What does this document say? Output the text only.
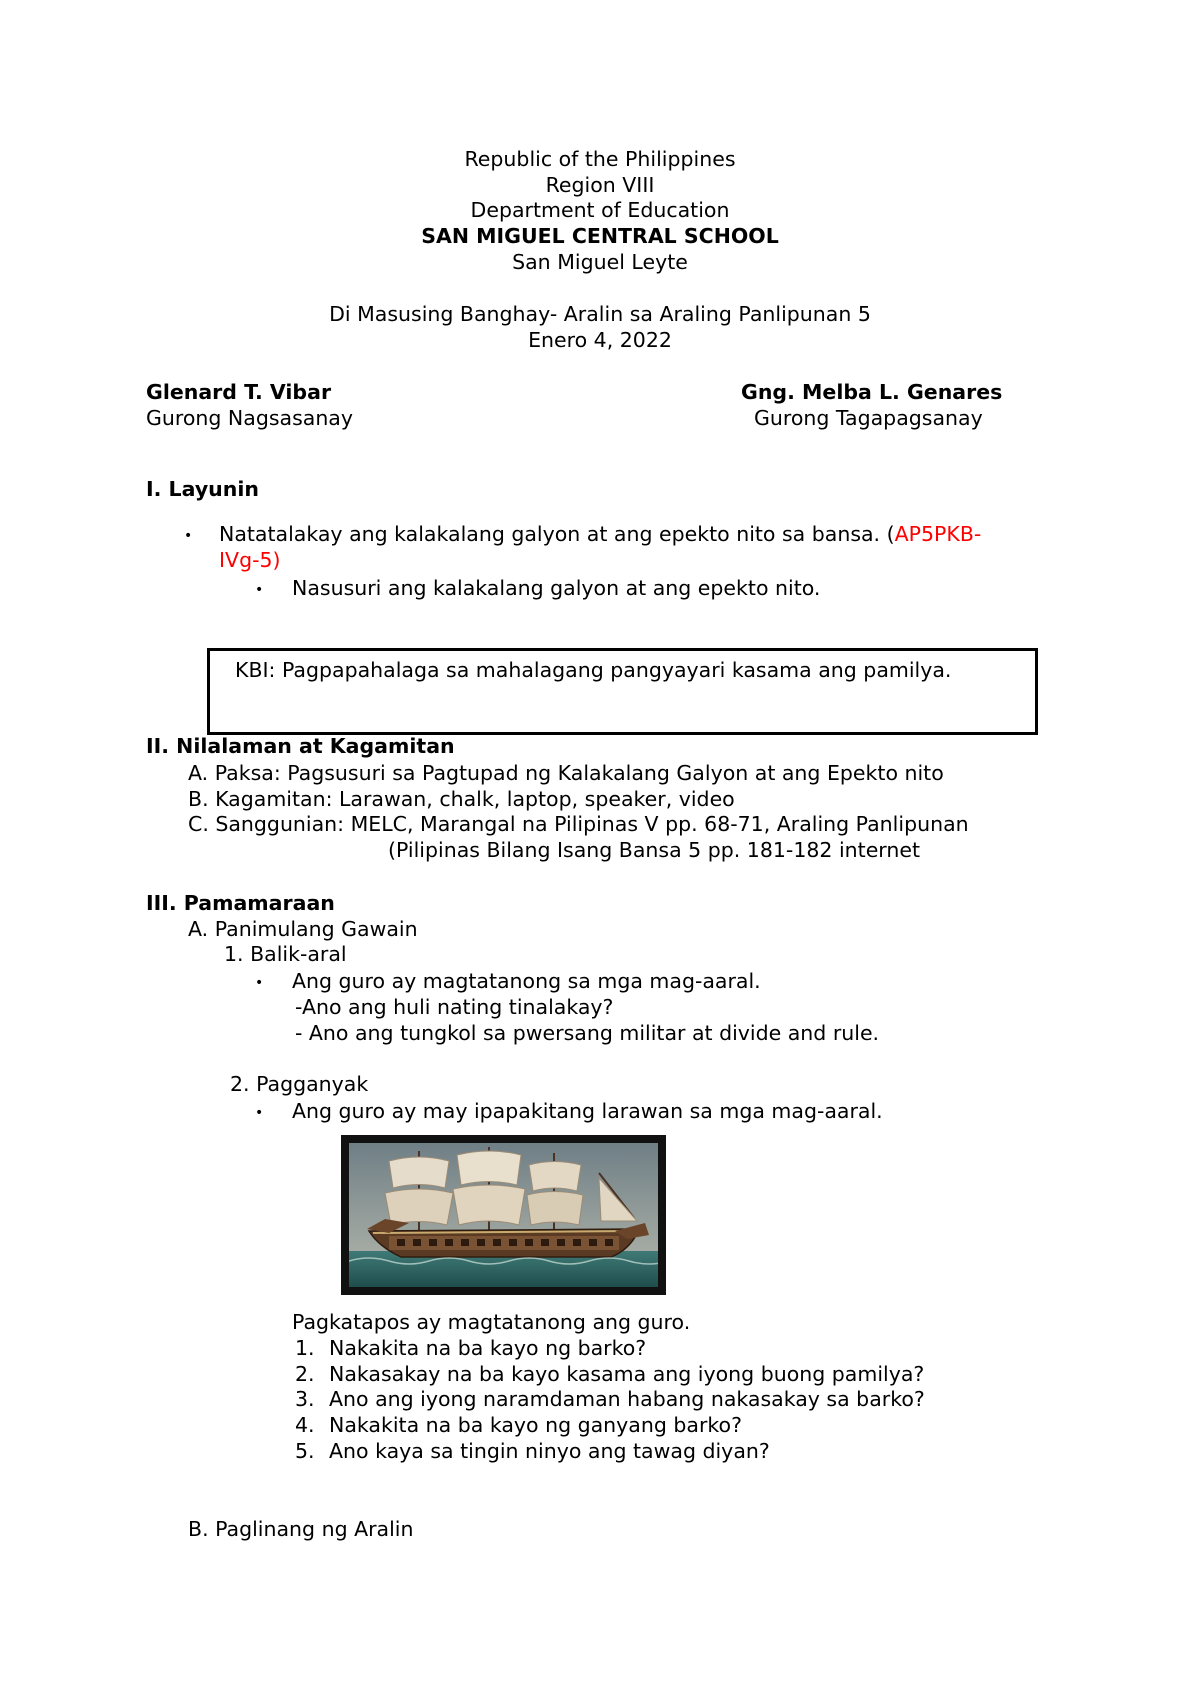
Republic of the Philippines
Region VIII
Department of Education
SAN MIGUEL CENTRAL SCHOOL
San Miguel Leyte
Di Masusing Banghay- Aralin sa Araling Panlipunan 5
Enero 4, 2022
Glenard T. Vibar
Gurong Nagsasanay
Gng. Melba L. Genares
Gurong Tagapagsanay
I. Layunin
• Natatalakay ang kalakalang galyon at ang epekto nito sa bansa. (AP5PKB-
IVg-5)
• Nasusuri ang kalakalang galyon at ang epekto nito.
KBI: Pagpapahalaga sa mahalagang pangyayari kasama ang pamilya.
II. Nilalaman at Kagamitan
A. Paksa: Pagsusuri sa Pagtupad ng Kalakalang Galyon at ang Epekto nito
B. Kagamitan: Larawan, chalk, laptop, speaker, video
C. Sanggunian: MELC, Marangal na Pilipinas V pp. 68-71, Araling Panlipunan
(Pilipinas Bilang Isang Bansa 5 pp. 181-182 internet
III. Pamamaraan
A. Panimulang Gawain
1. Balik-aral
• Ang guro ay magtatanong sa mga mag-aaral.
-Ano ang huli nating tinalakay?
- Ano ang tungkol sa pwersang militar at divide and rule.
2. Pagganyak
• Ang guro ay may ipapakitang larawan sa mga mag-aaral.
Pagkatapos ay magtatanong ang guro.
1. Nakakita na ba kayo ng barko?
2. Nakasakay na ba kayo kasama ang iyong buong pamilya?
3. Ano ang iyong naramdaman habang nakasakay sa barko?
4. Nakakita na ba kayo ng ganyang barko?
5. Ano kaya sa tingin ninyo ang tawag diyan?
B. Paglinang ng Aralin
